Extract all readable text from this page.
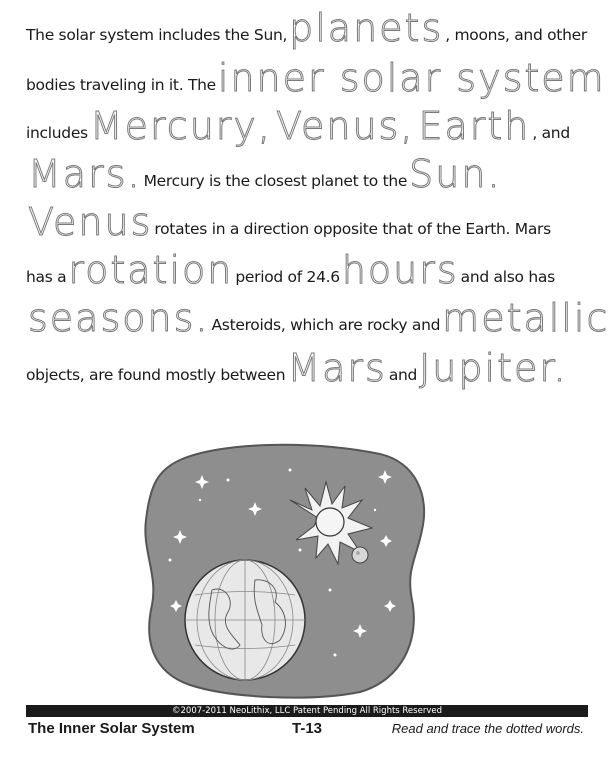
The solar system includes the Sun, planets , moons, and other
bodies traveling in it. The inner solar system
includes Mercury, Venus, Earth , and
Mars. Mercury is the closest planet to the Sun.
Venus rotates in a direction opposite that of the Earth. Mars
has a rotation period of 24.6 hours and also has
seasons. Asteroids, which are rocky and metallic
objects, are found mostly between Mars and Jupiter.
©2007-2011 NeoLithix, LLC Patent Pending All Rights Reserved
The Inner Solar System	T-13	Read and trace the dotted words.
